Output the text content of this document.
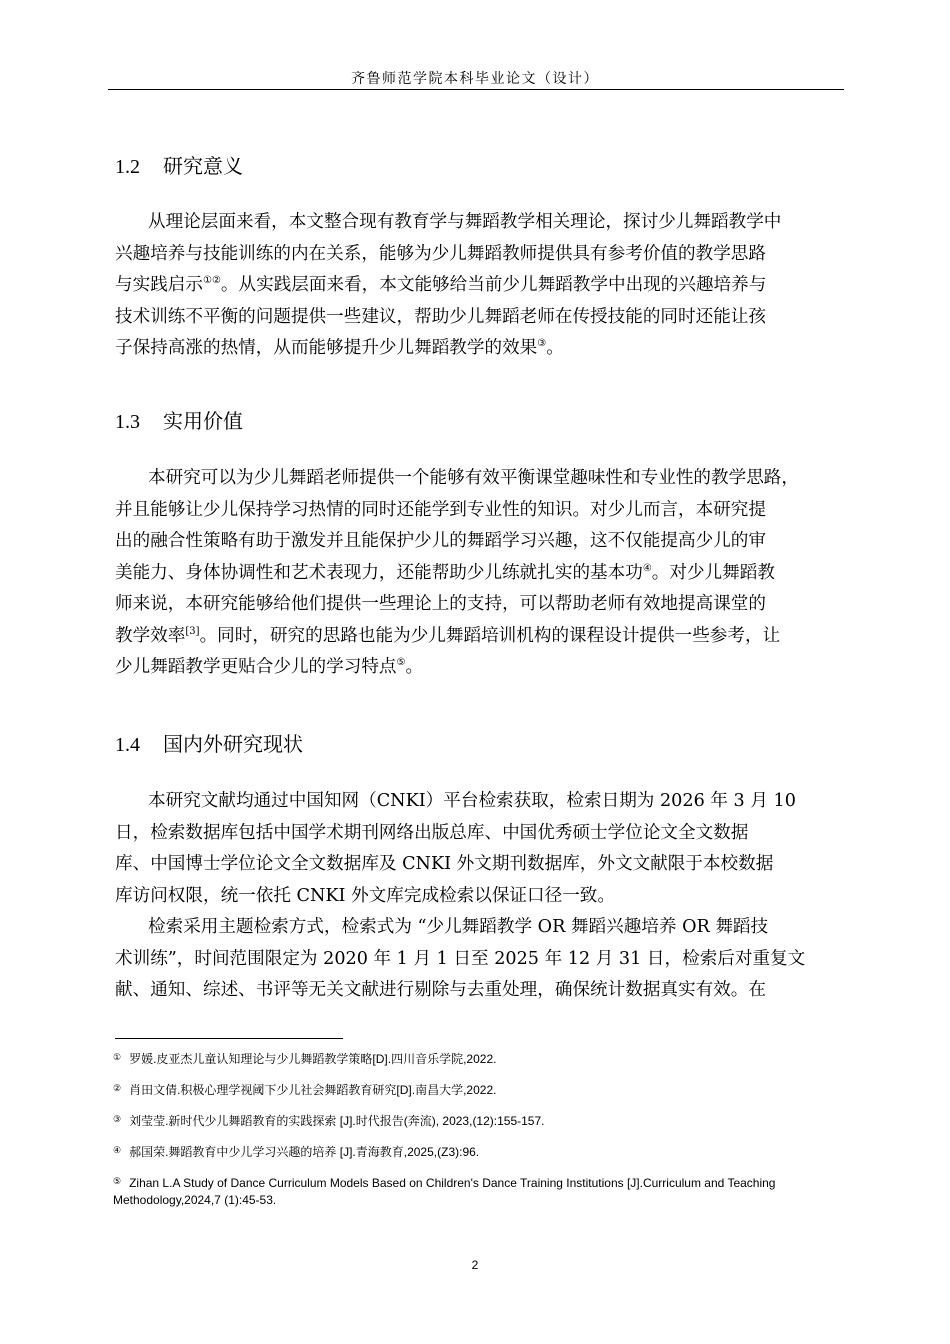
齐鲁师范学院本科毕业论文（设计）
1.2 研究意义
从理论层面来看，本文整合现有教育学与舞蹈教学相关理论，探讨少儿舞蹈教学中
兴趣培养与技能训练的内在关系，能够为少儿舞蹈教师提供具有参考价值的教学思路
与实践启示①②。从实践层面来看，本文能够给当前少儿舞蹈教学中出现的兴趣培养与
技术训练不平衡的问题提供一些建议，帮助少儿舞蹈老师在传授技能的同时还能让孩
子保持高涨的热情，从而能够提升少儿舞蹈教学的效果③。
1.3 实用价值
本研究可以为少儿舞蹈老师提供一个能够有效平衡课堂趣味性和专业性的教学思路，
并且能够让少儿保持学习热情的同时还能学到专业性的知识。对少儿而言，本研究提
出的融合性策略有助于激发并且能保护少儿的舞蹈学习兴趣，这不仅能提高少儿的审
美能力、身体协调性和艺术表现力，还能帮助少儿练就扎实的基本功④。对少儿舞蹈教
师来说，本研究能够给他们提供一些理论上的支持，可以帮助老师有效地提高课堂的
教学效率[3]。同时，研究的思路也能为少儿舞蹈培训机构的课程设计提供一些参考，让
少儿舞蹈教学更贴合少儿的学习特点⑤。
1.4 国内外研究现状
本研究文献均通过中国知网（CNKI）平台检索获取，检索日期为 2026 年 3 月 10
日，检索数据库包括中国学术期刊网络出版总库、中国优秀硕士学位论文全文数据
库、中国博士学位论文全文数据库及 CNKI 外文期刊数据库，外文文献限于本校数据
库访问权限，统一依托 CNKI 外文库完成检索以保证口径一致。
检索采用主题检索方式，检索式为 “少儿舞蹈教学 OR 舞蹈兴趣培养 OR 舞蹈技
术训练”，时间范围限定为 2020 年 1 月 1 日至 2025 年 12 月 31 日，检索后对重复文
献、通知、综述、书评等无关文献进行剔除与去重处理，确保统计数据真实有效。在

① 罗媛.皮亚杰儿童认知理论与少儿舞蹈教学策略[D].四川音乐学院,2022.

② 肖田文倩.积极心理学视阈下少儿社会舞蹈教育研究[D].南昌大学,2022.

③ 刘莹莹.新时代少儿舞蹈教育的实践探索 [J].时代报告(奔流), 2023,(12):155-157.

④ 郝国荣.舞蹈教育中少儿学习兴趣的培养 [J].青海教育,2025,(Z3):96.

⑤ Zihan L.A Study of Dance Curriculum Models Based on Children's Dance Training Institutions [J].Curriculum and Teaching
Methodology,2024,7 (1):45-53.

2
